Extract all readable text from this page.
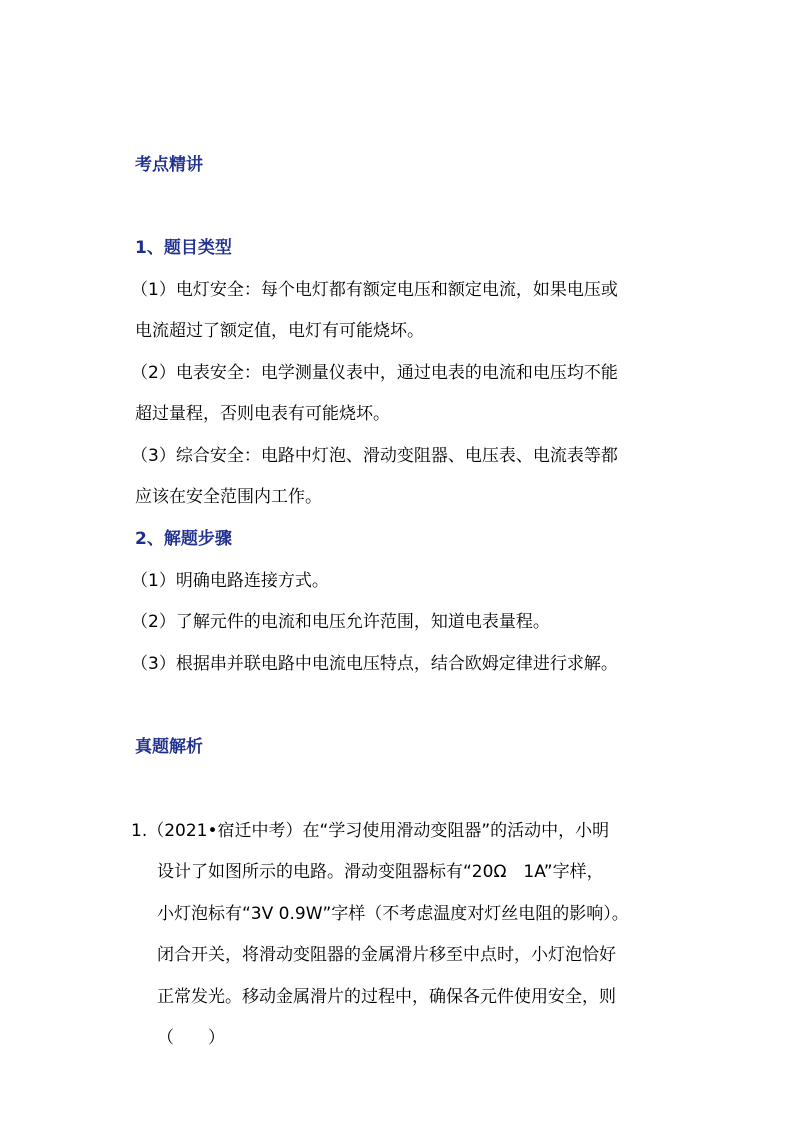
考点精讲
1、题目类型
（1）电灯安全：每个电灯都有额定电压和额定电流，如果电压或
电流超过了额定值，电灯有可能烧坏。
（2）电表安全：电学测量仪表中，通过电表的电流和电压均不能
超过量程，否则电表有可能烧坏。
（3）综合安全：电路中灯泡、滑动变阻器、电压表、电流表等都
应该在安全范围内工作。
2、解题步骤
（1）明确电路连接方式。
（2）了解元件的电流和电压允许范围，知道电表量程。
（3）根据串并联电路中电流电压特点，结合欧姆定律进行求解。
真题解析
1.（2021•宿迁中考）在“学习使用滑动变阻器”的活动中，小明
设计了如图所示的电路。滑动变阻器标有“20Ω　1A”字样，
小灯泡标有“3V 0.9W”字样（不考虑温度对灯丝电阻的影响）。
闭合开关，将滑动变阻器的金属滑片移至中点时，小灯泡恰好
正常发光。移动金属滑片的过程中，确保各元件使用安全，则
（　　）
